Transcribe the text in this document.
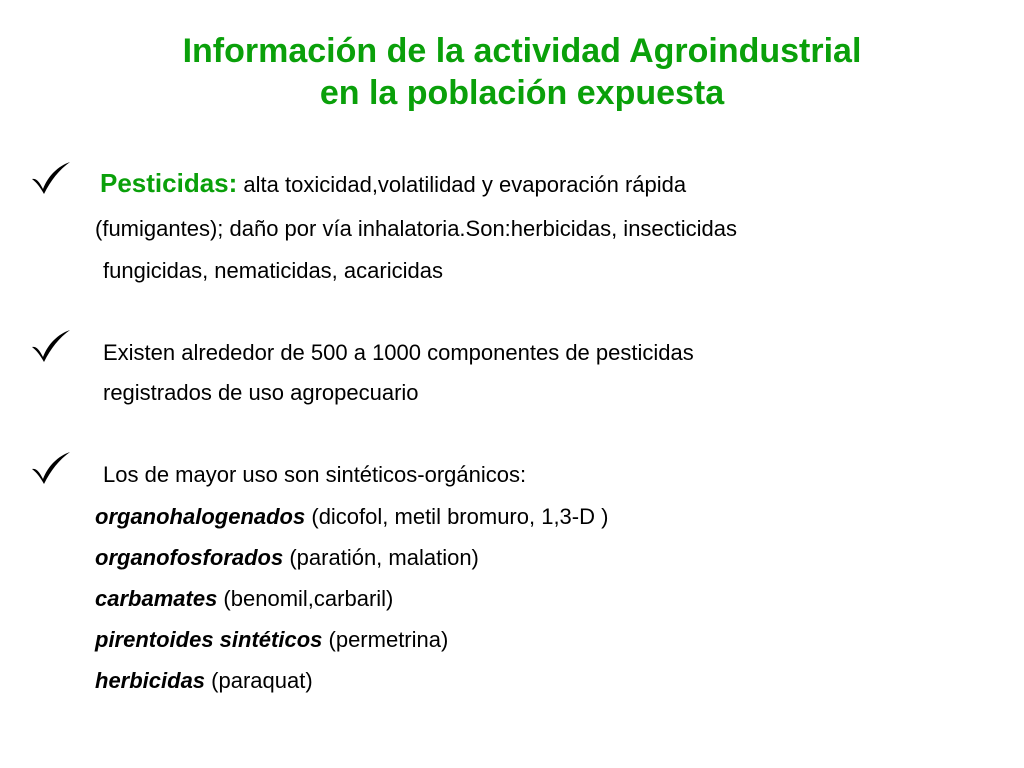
Información de la actividad Agroindustrial
en la población expuesta
Pesticidas: alta toxicidad,volatilidad y evaporación rápida
(fumigantes); daño por vía inhalatoria.Son:herbicidas, insecticidas
fungicidas, nematicidas, acaricidas
Existen alrededor de 500 a 1000 componentes de pesticidas
registrados de uso agropecuario
Los de mayor uso son sintéticos-orgánicos:
organohalogenados (dicofol, metil bromuro, 1,3-D )
organofosforados (paratión, malation)
carbamates (benomil,carbaril)
pirentoides sintéticos (permetrina)
herbicidas (paraquat)
